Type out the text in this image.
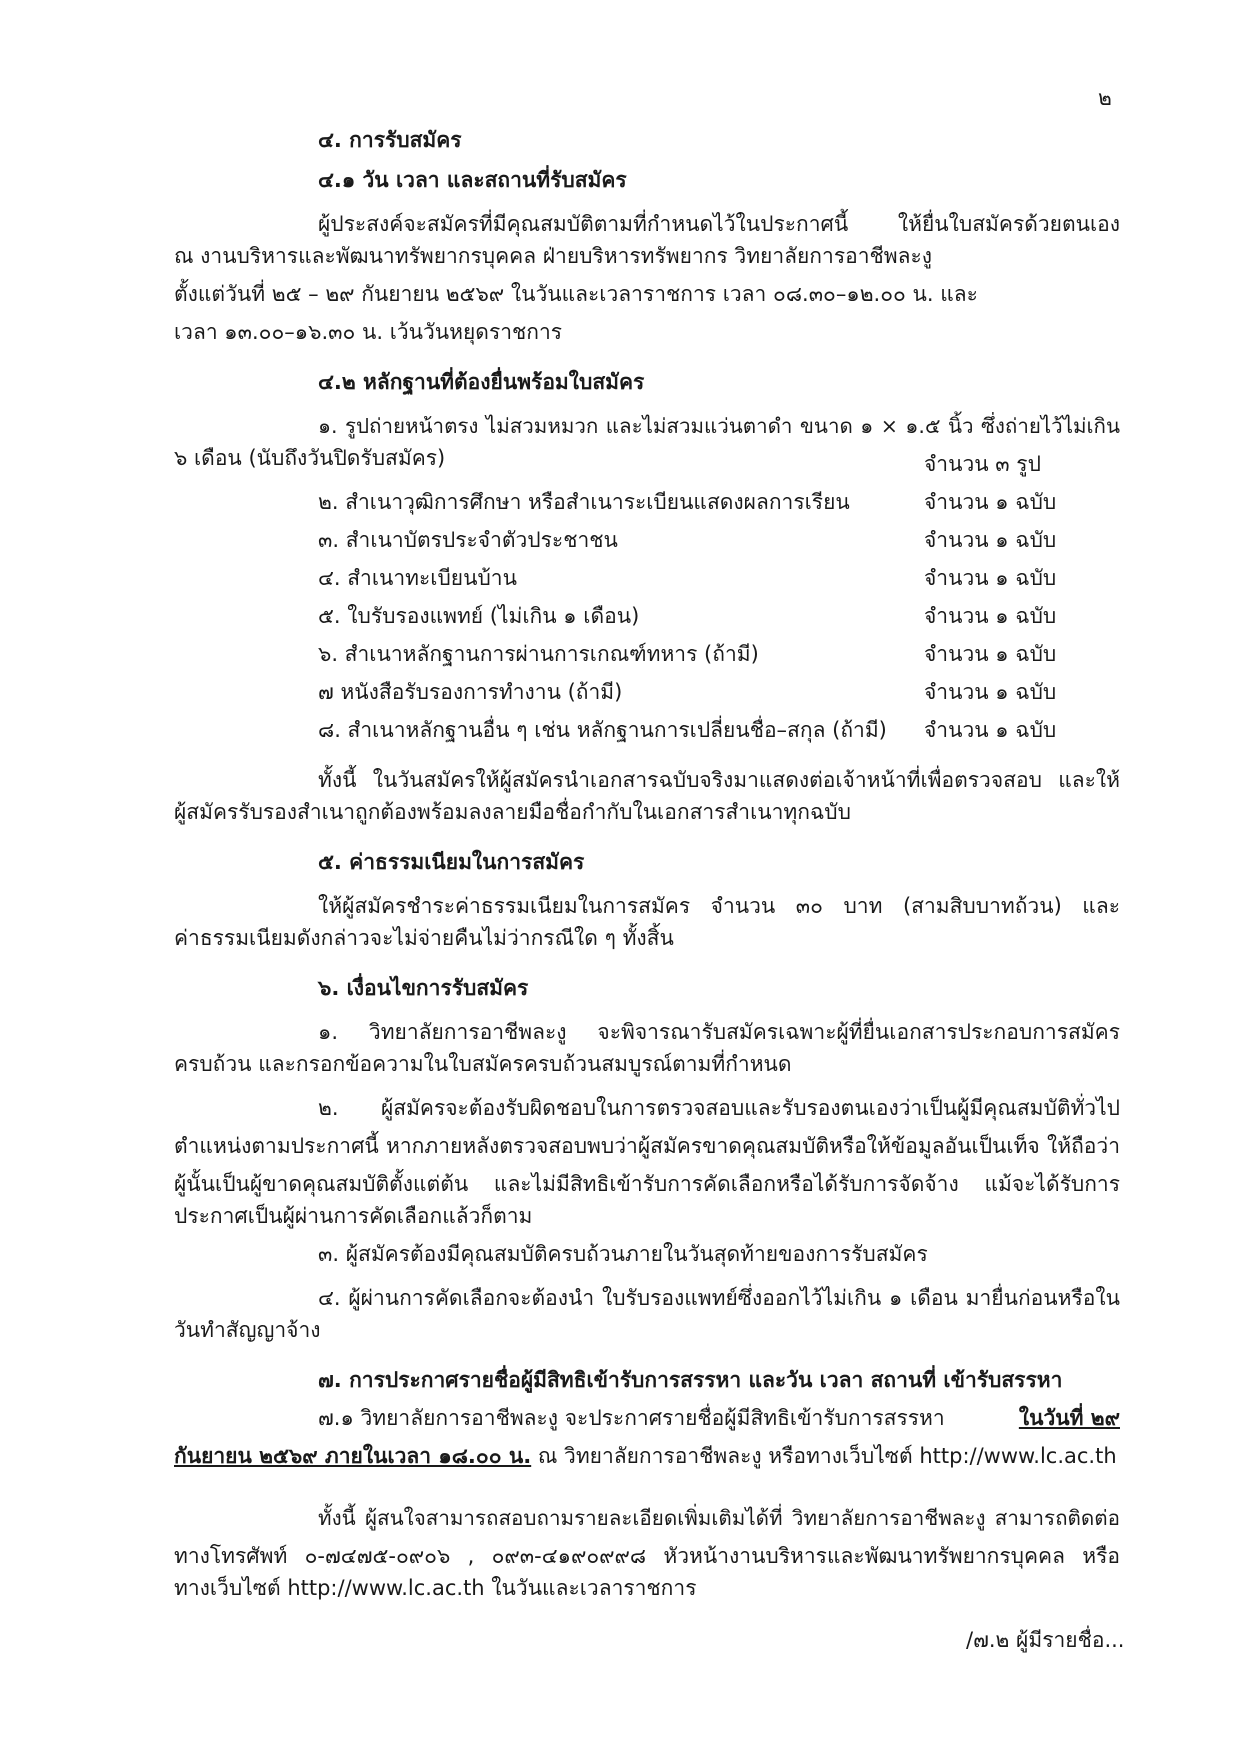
๒
๔. การรับสมัคร
๔.๑ วัน เวลา และสถานที่รับสมัคร
ผู้ประสงค์จะสมัครที่มีคุณสมบัติตามที่กำหนดไว้ในประกาศนี้ ให้ยื่นใบสมัครด้วยตนเอง
ณ งานบริหารและพัฒนาทรัพยากรบุคคล ฝ่ายบริหารทรัพยากร วิทยาลัยการอาชีพละงู
ตั้งแต่วันที่ ๒๕ – ๒๙ กันยายน ๒๕๖๙ ในวันและเวลาราชการ เวลา ๐๘.๓๐–๑๒.๐๐ น. และ
เวลา ๑๓.๐๐–๑๖.๓๐ น. เว้นวันหยุดราชการ
๔.๒ หลักฐานที่ต้องยื่นพร้อมใบสมัคร
๑. รูปถ่ายหน้าตรง ไม่สวมหมวก และไม่สวมแว่นตาดำ ขนาด ๑ × ๑.๕ นิ้ว ซึ่งถ่ายไว้ไม่เกิน
๖ เดือน (นับถึงวันปิดรับสมัคร)	จำนวน ๓ รูป
๒. สำเนาวุฒิการศึกษา หรือสำเนาระเบียนแสดงผลการเรียน	จำนวน ๑ ฉบับ
๓. สำเนาบัตรประจำตัวประชาชน	จำนวน ๑ ฉบับ
๔. สำเนาทะเบียนบ้าน	จำนวน ๑ ฉบับ
๕. ใบรับรองแพทย์ (ไม่เกิน ๑ เดือน)	จำนวน ๑ ฉบับ
๖. สำเนาหลักฐานการผ่านการเกณฑ์ทหาร (ถ้ามี)	จำนวน ๑ ฉบับ
๗ หนังสือรับรองการทำงาน (ถ้ามี)	จำนวน ๑ ฉบับ
๘. สำเนาหลักฐานอื่น ๆ เช่น หลักฐานการเปลี่ยนชื่อ–สกุล (ถ้ามี) จำนวน ๑ ฉบับ
ทั้งนี้ ในวันสมัครให้ผู้สมัครนำเอกสารฉบับจริงมาแสดงต่อเจ้าหน้าที่เพื่อตรวจสอบ และให้
ผู้สมัครรับรองสำเนาถูกต้องพร้อมลงลายมือชื่อกำกับในเอกสารสำเนาทุกฉบับ
๕. ค่าธรรมเนียมในการสมัคร
ให้ผู้สมัครชำระค่าธรรมเนียมในการสมัคร จำนวน ๓๐ บาท (สามสิบบาทถ้วน) และ
ค่าธรรมเนียมดังกล่าวจะไม่จ่ายคืนไม่ว่ากรณีใด ๆ ทั้งสิ้น
๖. เงื่อนไขการรับสมัคร
๑. วิทยาลัยการอาชีพละงู จะพิจารณารับสมัครเฉพาะผู้ที่ยื่นเอกสารประกอบการสมัคร
ครบถ้วน และกรอกข้อความในใบสมัครครบถ้วนสมบูรณ์ตามที่กำหนด
๒. ผู้สมัครจะต้องรับผิดชอบในการตรวจสอบและรับรองตนเองว่าเป็นผู้มีคุณสมบัติทั่วไป
ตำแหน่งตามประกาศนี้ หากภายหลังตรวจสอบพบว่าผู้สมัครขาดคุณสมบัติหรือให้ข้อมูลอันเป็นเท็จ ให้ถือว่า
ผู้นั้นเป็นผู้ขาดคุณสมบัติตั้งแต่ต้น และไม่มีสิทธิเข้ารับการคัดเลือกหรือได้รับการจัดจ้าง แม้จะได้รับการ
ประกาศเป็นผู้ผ่านการคัดเลือกแล้วก็ตาม
๓. ผู้สมัครต้องมีคุณสมบัติครบถ้วนภายในวันสุดท้ายของการรับสมัคร
๔. ผู้ผ่านการคัดเลือกจะต้องนำ ใบรับรองแพทย์ซึ่งออกไว้ไม่เกิน ๑ เดือน มายื่นก่อนหรือใน
วันทำสัญญาจ้าง
๗. การประกาศรายชื่อผู้มีสิทธิเข้ารับการสรรหา และวัน เวลา สถานที่ เข้ารับสรรหา
๗.๑ วิทยาลัยการอาชีพละงู จะประกาศรายชื่อผู้มีสิทธิเข้ารับการสรรหา	ในวันที่ ๒๙
กันยายน ๒๕๖๙ ภายในเวลา ๑๘.๐๐ น. ณ วิทยาลัยการอาชีพละงู หรือทางเว็บไซต์ http://www.lc.ac.th
ทั้งนี้ ผู้สนใจสามารถสอบถามรายละเอียดเพิ่มเติมได้ที่ วิทยาลัยการอาชีพละงู สามารถติดต่อ
ทางโทรศัพท์ ๐-๗๔๗๕-๐๙๐๖ , ๐๙๓-๔๑๙๐๙๙๘ หัวหน้างานบริหารและพัฒนาทรัพยากรบุคคล หรือ
ทางเว็บไซต์ http://www.lc.ac.th ในวันและเวลาราชการ
/๗.๒ ผู้มีรายชื่อ...
